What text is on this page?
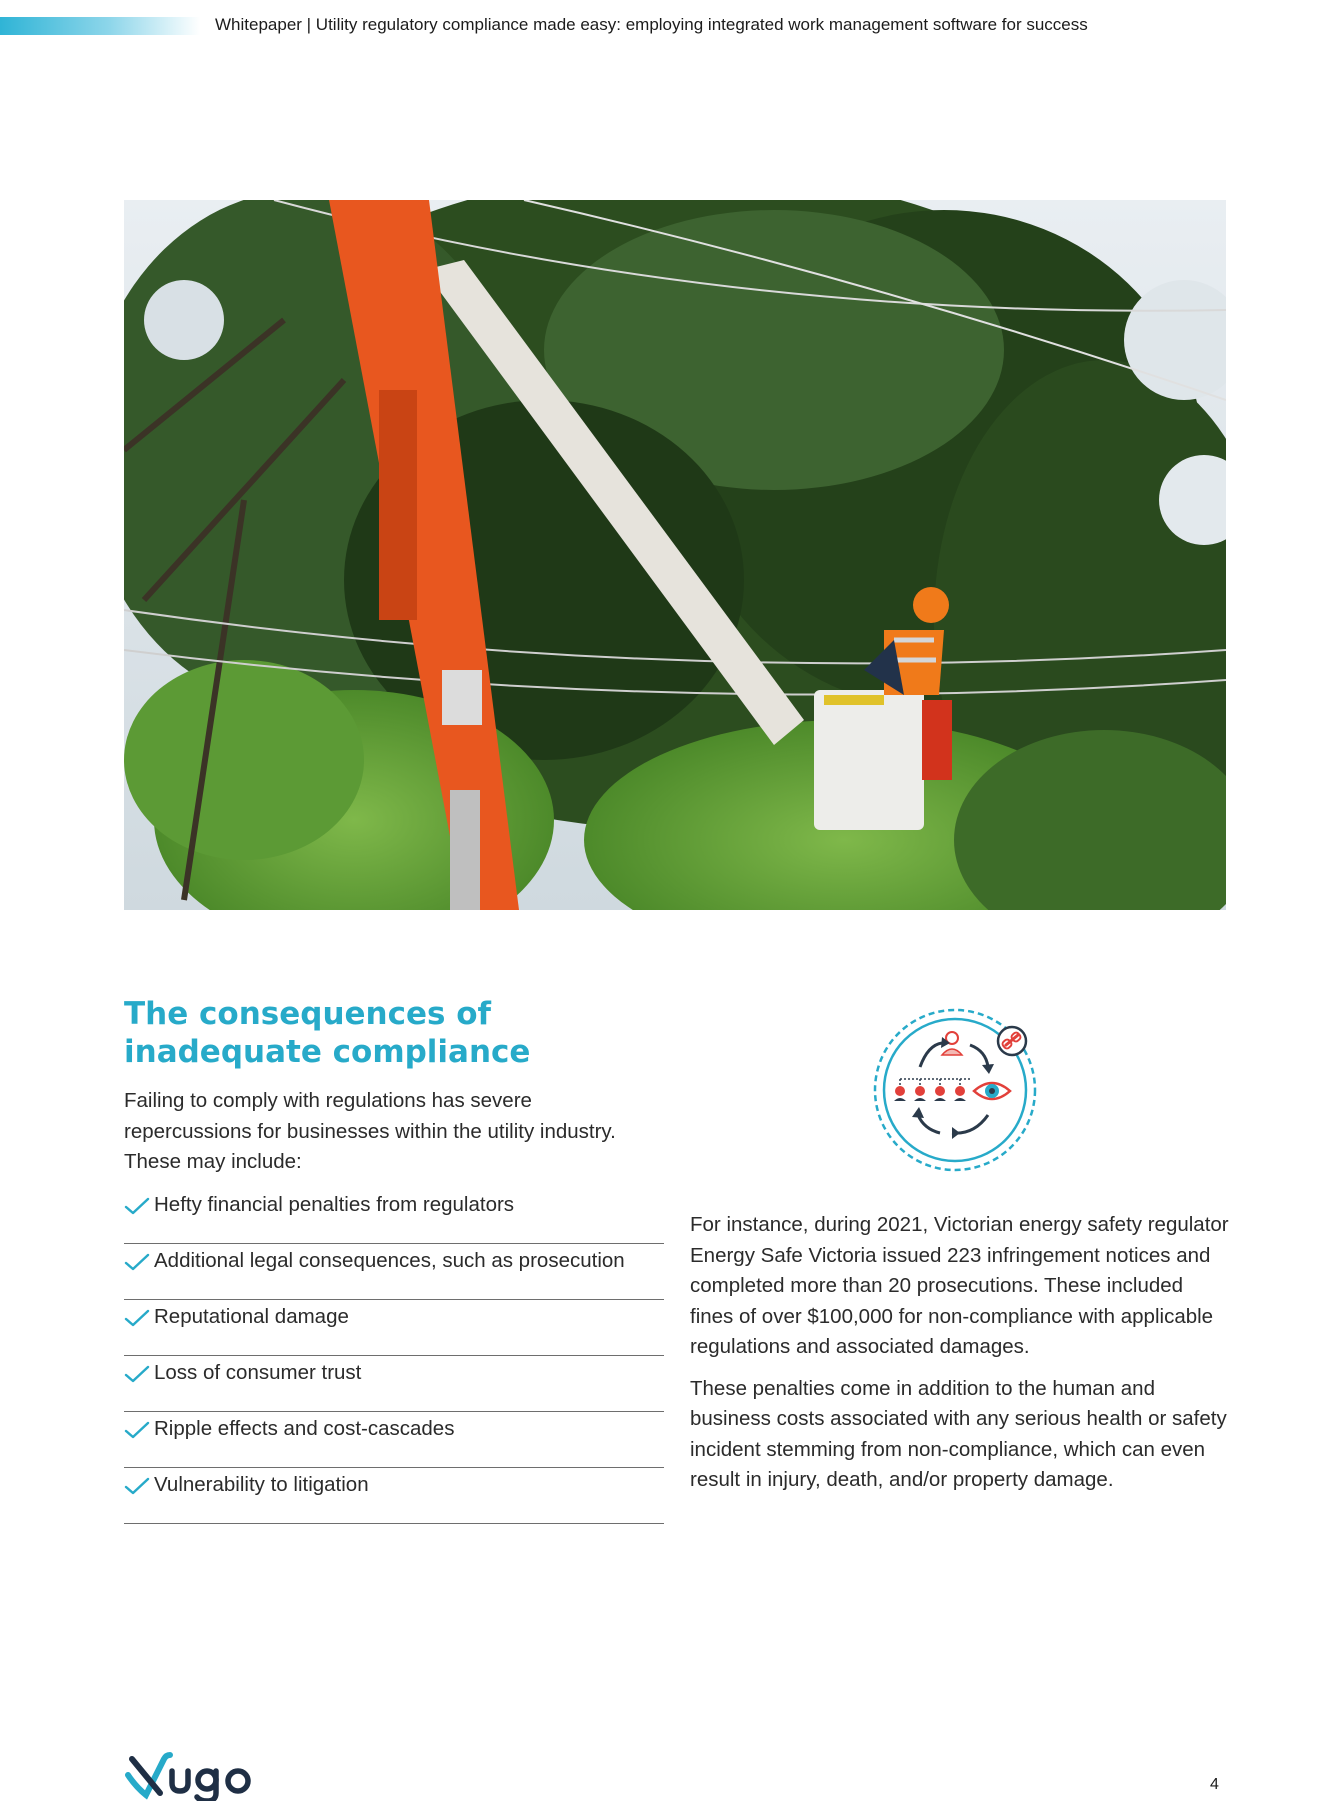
Whitepaper | Utility regulatory compliance made easy: employing integrated work management software for success
The consequences of
inadequate compliance

Failing to comply with regulations has severe repercussions for businesses within the utility industry. These may include:

Hefty financial penalties from regulators
Additional legal consequences, such as prosecution
Reputational damage
Loss of consumer trust
Ripple effects and cost-cascades
Vulnerability to litigation

For instance, during 2021, Victorian energy safety regulator Energy Safe Victoria issued 223 infringement notices and completed more than 20 prosecutions. These included fines of over $100,000 for non-compliance with applicable regulations and associated damages.

These penalties come in addition to the human and business costs associated with any serious health or safety incident stemming from non-compliance, which can even result in injury, death, and/or property damage.

4
